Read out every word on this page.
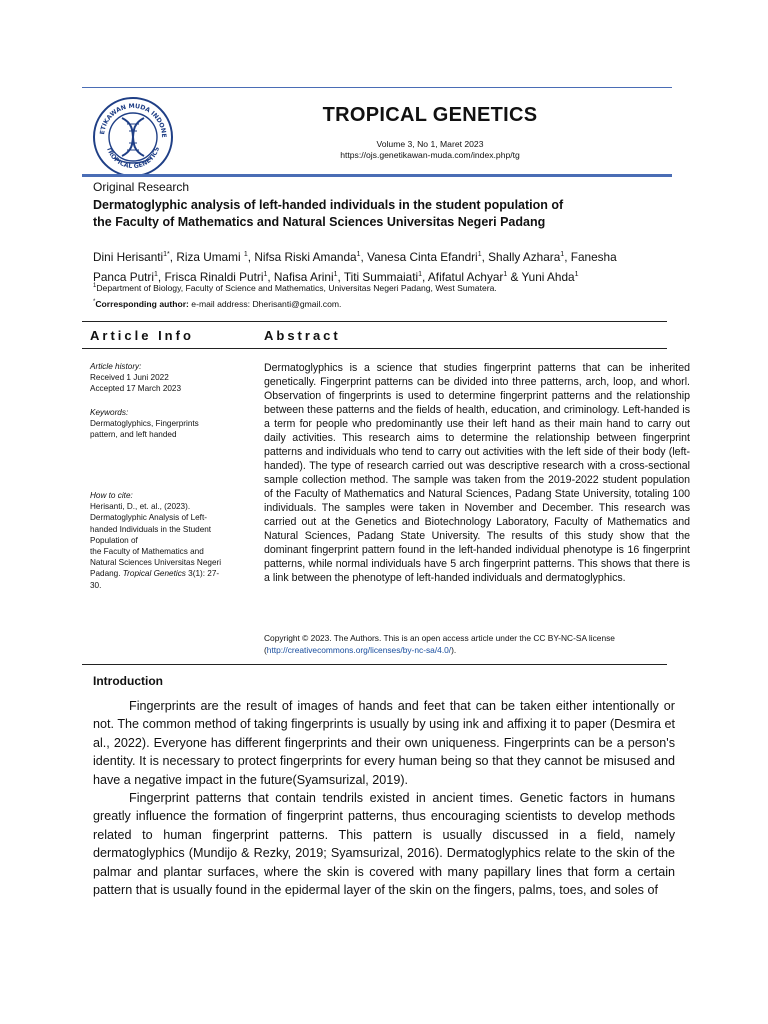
ETIKAWAN MUDA INDONE
TROPICAL GENETICS
TROPICAL GENETICS
Volume 3, No 1, Maret 2023
https://ojs.genetikawan-muda.com/index.php/tg
Original Research
Dermatoglyphic analysis of left-handed individuals in the student population of
the Faculty of Mathematics and Natural Sciences Universitas Negeri Padang
Dini Herisanti$^{1*}$, Riza Umami $^1$, Nifsa Riski Amanda$^1$, Vanesa Cinta Efandri$^1$, Shally Azhara$^1$, Fanesha
Panca Putri$^1$, Frisca Rinaldi Putri$^1$, Nafisa Arini$^1$, Titi Summaiati$^1$, Afifatul Achyar$^1$ & Yuni Ahda$^1$
$^1$Department of Biology, Faculty of Science and Mathematics, Universitas Negeri Padang, West Sumatera.
*Corresponding author: e-mail address: Dherisanti@gmail.com.
Article Info	Abstract
Article history:
Received 1 Juni 2022
Accepted 17 March 2023
Keywords:
Dermatoglyphics, Fingerprints
pattern, and left handed
How to cite:
Herisanti, D., et. al., (2023).
Dermatoglyphic Analysis of Left-
handed Individuals in the Student
Population of
the Faculty of Mathematics and
Natural Sciences Universitas Negeri
Padang. Tropical Genetics 3(1): 27-
30.
Dermatoglyphics is a science that studies fingerprint patterns that can be inherited genetically. Fingerprint patterns can be divided into three patterns, arch, loop, and whorl. Observation of fingerprints is used to determine fingerprint patterns and the relationship between these patterns and the fields of health, education, and criminology. Left-handed is a term for people who predominantly use their left hand as their main hand to carry out daily activities. This research aims to determine the relationship between fingerprint patterns and individuals who tend to carry out activities with the left side of their body (left-handed). The type of research carried out was descriptive research with a cross-sectional sample collection method. The sample was taken from the 2019-2022 student population of the Faculty of Mathematics and Natural Sciences, Padang State University, totaling 100 individuals. The samples were taken in November and December. This research was carried out at the Genetics and Biotechnology Laboratory, Faculty of Mathematics and Natural Sciences, Padang State University. The results of this study show that the dominant fingerprint pattern found in the left-handed individual phenotype is 16 fingerprint patterns, while normal individuals have 5 arch fingerprint patterns. This shows that there is a link between the phenotype of left-handed individuals and dermatoglyphics.
Copyright © 2023. The Authors. This is an open access article under the CC BY-NC-SA license
(http://creativecommons.org/licenses/by-nc-sa/4.0/).
Introduction

Fingerprints are the result of images of hands and feet that can be taken either intentionally or not. The common method of taking fingerprints is usually by using ink and affixing it to paper (Desmira et al., 2022). Everyone has different fingerprints and their own uniqueness. Fingerprints can be a person's identity. It is necessary to protect fingerprints for every human being so that they cannot be misused and have a negative impact in the future(Syamsurizal, 2019).

Fingerprint patterns that contain tendrils existed in ancient times. Genetic factors in humans greatly influence the formation of fingerprint patterns, thus encouraging scientists to develop methods related to human fingerprint patterns. This pattern is usually discussed in a field, namely dermatoglyphics (Mundijo & Rezky, 2019; Syamsurizal, 2016). Dermatoglyphics relate to the skin of the palmar and plantar surfaces, where the skin is covered with many papillary lines that form a certain pattern that is usually found in the epidermal layer of the skin on the fingers, palms, toes, and soles of
